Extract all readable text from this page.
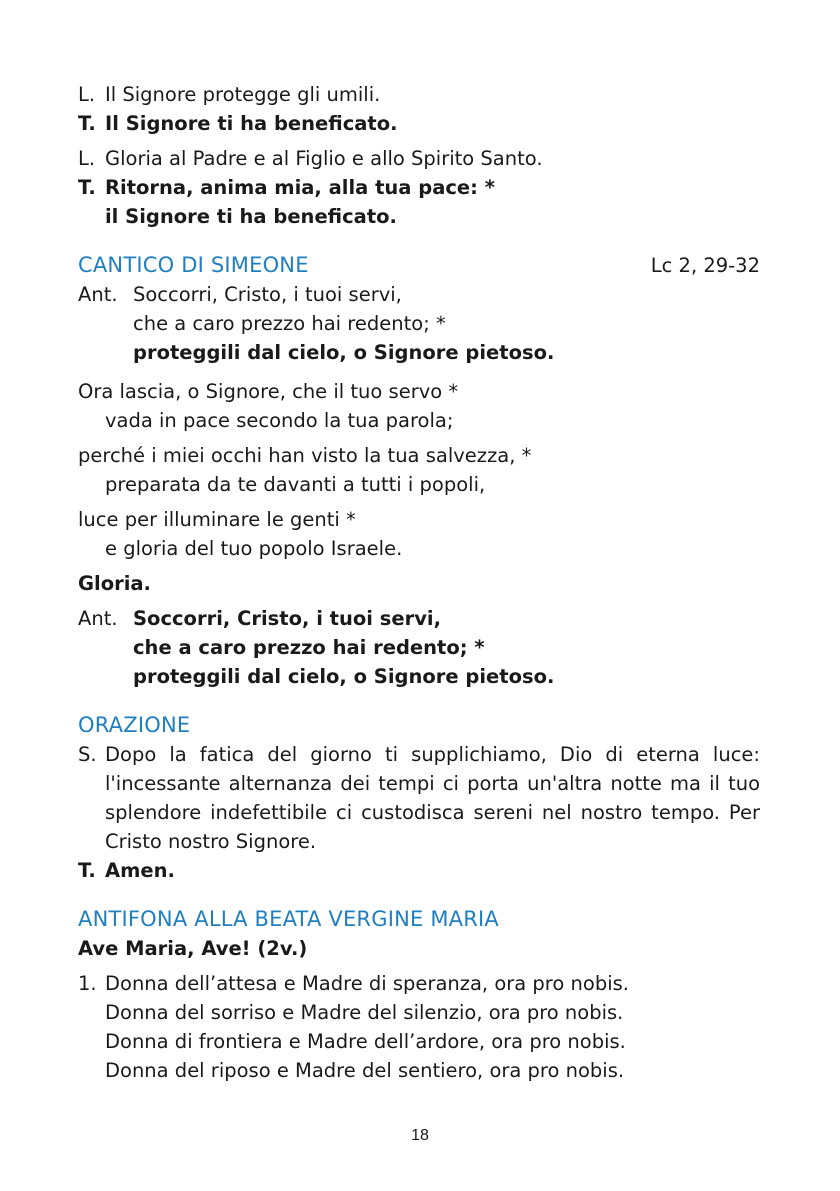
L. Il Signore protegge gli umili.
T. Il Signore ti ha beneficato.
L. Gloria al Padre e al Figlio e allo Spirito Santo.
T. Ritorna, anima mia, alla tua pace: *
il Signore ti ha beneficato.
CANTICO DI SIMEONE	Lc 2, 29-32
Ant. Soccorri, Cristo, i tuoi servi,
che a caro prezzo hai redento; *
proteggili dal cielo, o Signore pietoso.
Ora lascia, o Signore, che il tuo servo *
vada in pace secondo la tua parola;
perché i miei occhi han visto la tua salvezza, *
preparata da te davanti a tutti i popoli,
luce per illuminare le genti *
e gloria del tuo popolo Israele.
Gloria.
Ant. Soccorri, Cristo, i tuoi servi,
che a caro prezzo hai redento; *
proteggili dal cielo, o Signore pietoso.
ORAZIONE
S. Dopo la fatica del giorno ti supplichiamo, Dio di eterna luce: l'incessante alternanza dei tempi ci porta un'altra notte ma il tuo splendore indefettibile ci custodisca sereni nel nostro tempo. Per Cristo nostro Signore.
T. Amen.
ANTIFONA ALLA BEATA VERGINE MARIA
Ave Maria, Ave! (2v.)
1. Donna dell’attesa e Madre di speranza, ora pro nobis.
Donna del sorriso e Madre del silenzio, ora pro nobis.
Donna di frontiera e Madre dell’ardore, ora pro nobis.
Donna del riposo e Madre del sentiero, ora pro nobis.
18
